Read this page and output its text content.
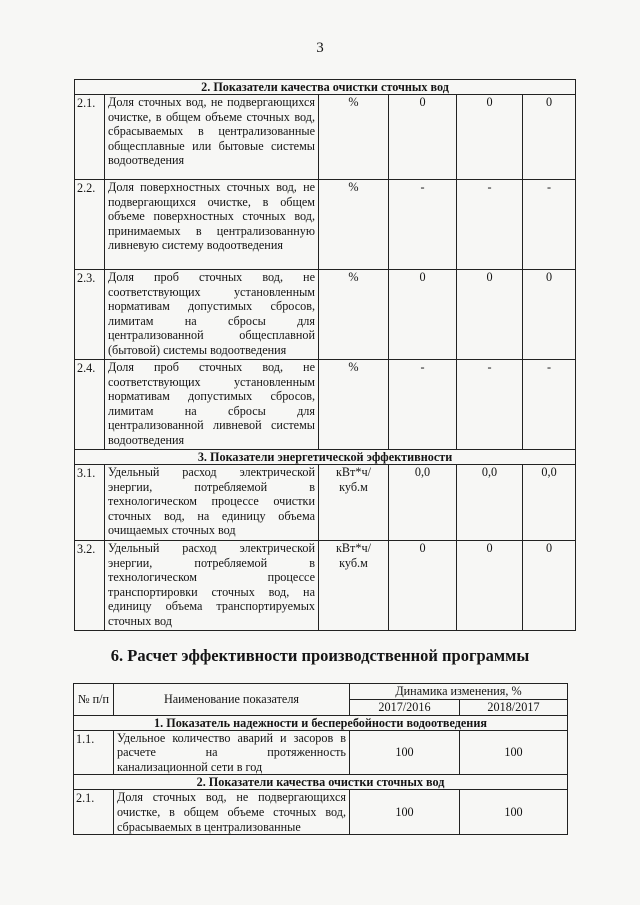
3
2. Показатели качества очистки сточных вод					
2.1.	Доля сточных вод, не подвергающихся очистке, в общем объеме сточных вод, сбрасываемых в централизованные общесплавные или бытовые системы водоотведения	%	0	0	0
2.2.	Доля поверхностных сточных вод, не подвергающихся очистке, в общем объеме поверхностных сточных вод, принимаемых в централизованную ливневую систему водоотведения	%	-	-	-
2.3.	Доля проб сточных вод, не соответствующих установленным нормативам допустимых сбросов, лимитам на сбросы для централизованной общесплавной (бытовой) системы водоотведения	%	0	0	0
2.4.	Доля проб сточных вод, не соответствующих установленным нормативам допустимых сбросов, лимитам на сбросы для централизованной ливневой системы водоотведения	%	-	-	-
3. Показатели энергетической эффективности					
3.1.	Удельный расход электрической энергии, потребляемой в технологическом процессе очистки сточных вод, на единицу объема очищаемых сточных вод	кВт*ч/куб.м	0,0	0,0	0,0
3.2.	Удельный расход электрической энергии, потребляемой в технологическом процессе транспортировки сточных вод, на единицу объема транспортируемых сточных вод	кВт*ч/куб.м	0	0	0
6. Расчет эффективности производственной программы
№ п/п	Наименование показателя	Динамика изменения, %	
		2017/2016	2018/2017
1. Показатель надежности и бесперебойности водоотведения			
1.1.	Удельное количество аварий и засоров в расчете на протяженность канализационной сети в год	100	100
2. Показатели качества очистки сточных вод			
2.1.	Доля сточных вод, не подвергающихся очистке, в общем объеме сточных вод, сбрасываемых в централизованные	100	100
